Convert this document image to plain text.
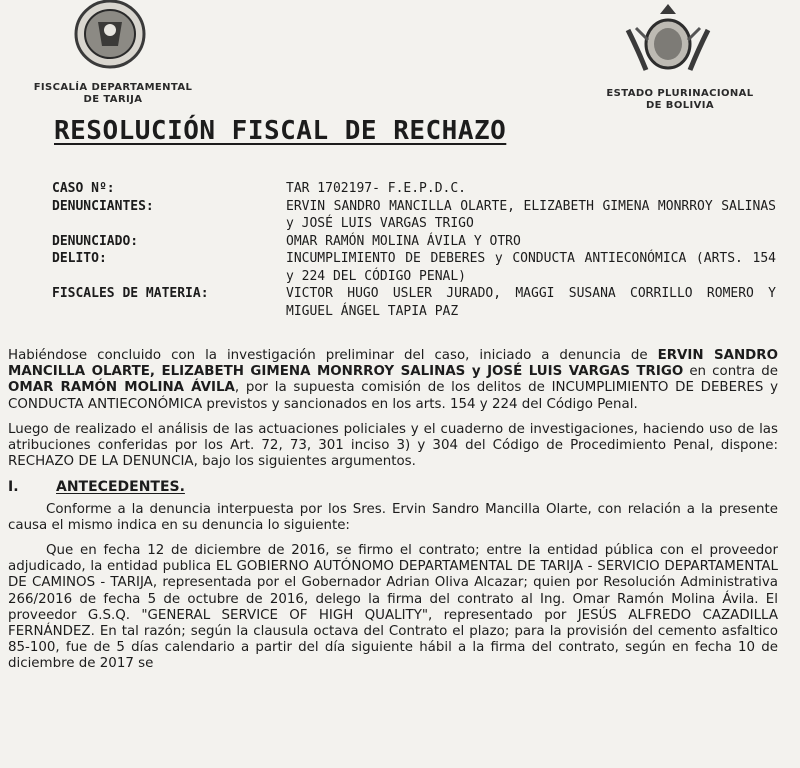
FISCALÍA DEPARTAMENTAL
DE TARIJA
ESTADO PLURINACIONAL
DE BOLIVIA
RESOLUCIÓN FISCAL DE RECHAZO
CASO Nº:	TAR 1702197- F.E.P.D.C.
DENUNCIANTES:	ERVIN SANDRO MANCILLA OLARTE, ELIZABETH GIMENA MONRROY SALINAS y JOSÉ LUIS VARGAS TRIGO
DENUNCIADO:	OMAR RAMÓN MOLINA ÁVILA Y OTRO
DELITO:	INCUMPLIMIENTO DE DEBERES y CONDUCTA ANTIECONÓMICA (ARTS. 154 y 224 DEL CÓDIGO PENAL)
FISCALES DE MATERIA:	VICTOR HUGO USLER JURADO, MAGGI SUSANA CORRILLO ROMERO Y MIGUEL ÁNGEL TAPIA PAZ

Habiéndose concluido con la investigación preliminar del caso, iniciado a denuncia de ERVIN SANDRO MANCILLA OLARTE, ELIZABETH GIMENA MONRROY SALINAS y JOSÉ LUIS VARGAS TRIGO en contra de OMAR RAMÓN MOLINA ÁVILA, por la supuesta comisión de los delitos de INCUMPLIMIENTO DE DEBERES y CONDUCTA ANTIECONÓMICA previstos y sancionados en los arts. 154 y 224 del Código Penal.

Luego de realizado el análisis de las actuaciones policiales y el cuaderno de investigaciones, haciendo uso de las atribuciones conferidas por los Art. 72, 73, 301 inciso 3) y 304 del Código de Procedimiento Penal, dispone: RECHAZO DE LA DENUNCIA, bajo los siguientes argumentos.

I.	ANTECEDENTES.

Conforme a la denuncia interpuesta por los Sres. Ervin Sandro Mancilla Olarte, con relación a la presente causa el mismo indica en su denuncia lo siguiente:

Que en fecha 12 de diciembre de 2016, se firmo el contrato; entre la entidad pública con el proveedor adjudicado, la entidad publica EL GOBIERNO AUTÓNOMO DEPARTAMENTAL DE TARIJA - SERVICIO DEPARTAMENTAL DE CAMINOS - TARIJA, representada por el Gobernador Adrian Oliva Alcazar; quien por Resolución Administrativa 266/2016 de fecha 5 de octubre de 2016, delego la firma del contrato al Ing. Omar Ramón Molina Ávila. El proveedor G.S.Q. "GENERAL SERVICE OF HIGH QUALITY", representado por JESÚS ALFREDO CAZADILLA FERNÁNDEZ. En tal razón; según la clausula octava del Contrato el plazo; para la provisión del cemento asfaltico 85-100, fue de 5 días calendario a partir del día siguiente hábil a la firma del contrato, según en fecha 10 de diciembre de 2017 se
